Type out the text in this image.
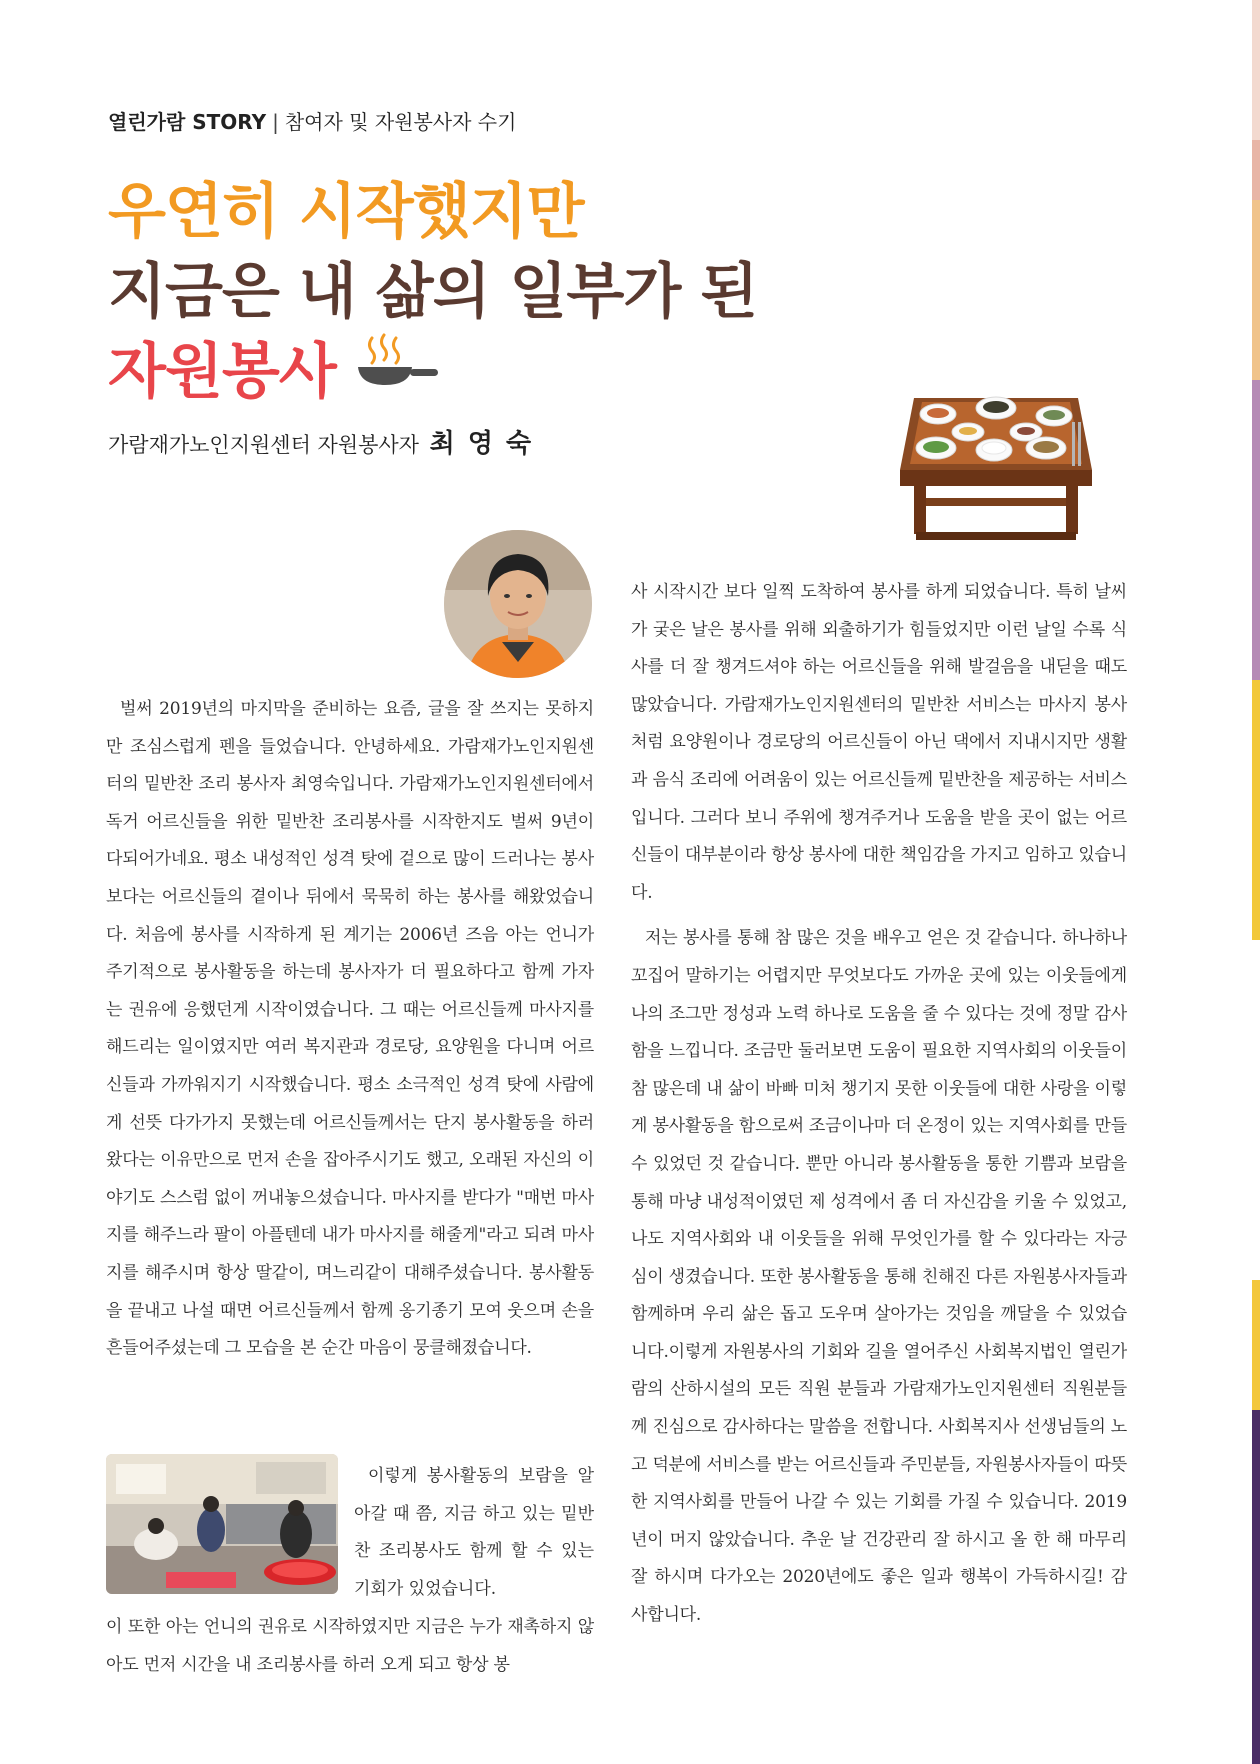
열린가람 STORY | 참여자 및 자원봉사자 수기
우연히 시작했지만
지금은 내 삶의 일부가 된
자원봉사
가람재가노인지원센터 자원봉사자 최 영 숙

벌써 2019년의 마지막을 준비하는 요즘, 글을 잘 쓰지는 못하지만 조심스럽게 펜을 들었습니다. 안녕하세요. 가람재가노인지원센터의 밑반찬 조리 봉사자 최영숙입니다. 가람재가노인지원센터에서 독거 어르신들을 위한 밑반찬 조리봉사를 시작한지도 벌써 9년이 다되어가네요. 평소 내성적인 성격 탓에 겉으로 많이 드러나는 봉사보다는 어르신들의 곁이나 뒤에서 묵묵히 하는 봉사를 해왔었습니다. 처음에 봉사를 시작하게 된 계기는 2006년 즈음 아는 언니가 주기적으로 봉사활동을 하는데 봉사자가 더 필요하다고 함께 가자는 권유에 응했던게 시작이였습니다. 그 때는 어르신들께 마사지를 해드리는 일이였지만 여러 복지관과 경로당, 요양원을 다니며 어르신들과 가까워지기 시작했습니다. 평소 소극적인 성격 탓에 사람에게 선뜻 다가가지 못했는데 어르신들께서는 단지 봉사활동을 하러 왔다는 이유만으로 먼저 손을 잡아주시기도 했고, 오래된 자신의 이야기도 스스럼 없이 꺼내놓으셨습니다. 마사지를 받다가 "매번 마사지를 해주느라 팔이 아플텐데 내가 마사지를 해줄게"라고 되려 마사지를 해주시며 항상 딸같이, 며느리같이 대해주셨습니다. 봉사활동을 끝내고 나설 때면 어르신들께서 함께 옹기종기 모여 웃으며 손을 흔들어주셨는데 그 모습을 본 순간 마음이 뭉클해졌습니다.

이렇게 봉사활동의 보람을 알아갈 때 쯤, 지금 하고 있는 밑반찬 조리봉사도 함께 할 수 있는 기회가 있었습니다.

이 또한 아는 언니의 권유로 시작하였지만 지금은 누가 재촉하지 않아도 먼저 시간을 내 조리봉사를 하러 오게 되고 항상 봉

사 시작시간 보다 일찍 도착하여 봉사를 하게 되었습니다. 특히 날씨가 궂은 날은 봉사를 위해 외출하기가 힘들었지만 이런 날일 수록 식사를 더 잘 챙겨드셔야 하는 어르신들을 위해 발걸음을 내딛을 때도 많았습니다. 가람재가노인지원센터의 밑반찬 서비스는 마사지 봉사처럼 요양원이나 경로당의 어르신들이 아닌 댁에서 지내시지만 생활과 음식 조리에 어려움이 있는 어르신들께 밑반찬을 제공하는 서비스입니다. 그러다 보니 주위에 챙겨주거나 도움을 받을 곳이 없는 어르신들이 대부분이라 항상 봉사에 대한 책임감을 가지고 임하고 있습니다.

저는 봉사를 통해 참 많은 것을 배우고 얻은 것 같습니다. 하나하나 꼬집어 말하기는 어렵지만 무엇보다도 가까운 곳에 있는 이웃들에게 나의 조그만 정성과 노력 하나로 도움을 줄 수 있다는 것에 정말 감사함을 느낍니다. 조금만 둘러보면 도움이 필요한 지역사회의 이웃들이 참 많은데 내 삶이 바빠 미처 챙기지 못한 이웃들에 대한 사랑을 이렇게 봉사활동을 함으로써 조금이나마 더 온정이 있는 지역사회를 만들 수 있었던 것 같습니다. 뿐만 아니라 봉사활동을 통한 기쁨과 보람을 통해 마냥 내성적이였던 제 성격에서 좀 더 자신감을 키울 수 있었고, 나도 지역사회와 내 이웃들을 위해 무엇인가를 할 수 있다라는 자긍심이 생겼습니다. 또한 봉사활동을 통해 친해진 다른 자원봉사자들과 함께하며 우리 삶은 돕고 도우며 살아가는 것임을 깨달을 수 있었습니다.이렇게 자원봉사의 기회와 길을 열어주신 사회복지법인 열린가람의 산하시설의 모든 직원 분들과 가람재가노인지원센터 직원분들께 진심으로 감사하다는 말씀을 전합니다. 사회복지사 선생님들의 노고 덕분에 서비스를 받는 어르신들과 주민분들, 자원봉사자들이 따뜻한 지역사회를 만들어 나갈 수 있는 기회를 가질 수 있습니다. 2019년이 머지 않았습니다. 추운 날 건강관리 잘 하시고 올 한 해 마무리 잘 하시며 다가오는 2020년에도 좋은 일과 행복이 가득하시길! 감사합니다.
